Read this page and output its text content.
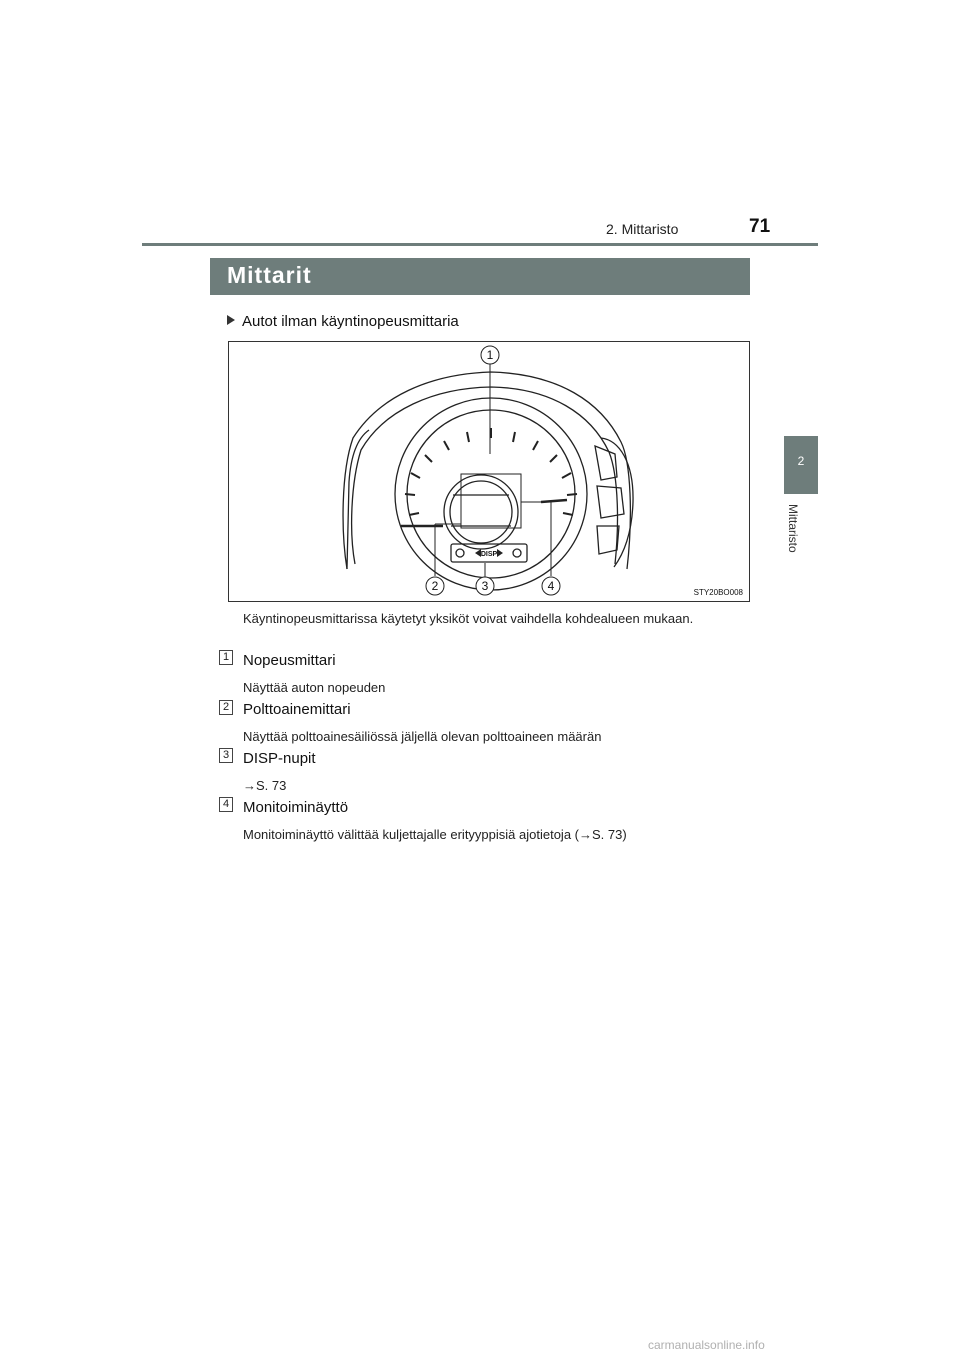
2. Mittaristo	71
2
Mittaristo
Mittarit
Autot ilman käyntinopeusmittaria
DISP
1
2	3	4	STY20BO008

Käyntinopeusmittarissa käytetyt yksiköt voivat vaihdella kohdealueen mukaan.

1 Nopeusmittari
Näyttää auton nopeuden
2 Polttoainemittari
Näyttää polttoainesäiliössä jäljellä olevan polttoaineen määrän
3 DISP-nupit
→S. 73
4 Monitoiminäyttö
Monitoiminäyttö välittää kuljettajalle erityyppisiä ajotietoja (→S. 73)
carmanualsonline.info
